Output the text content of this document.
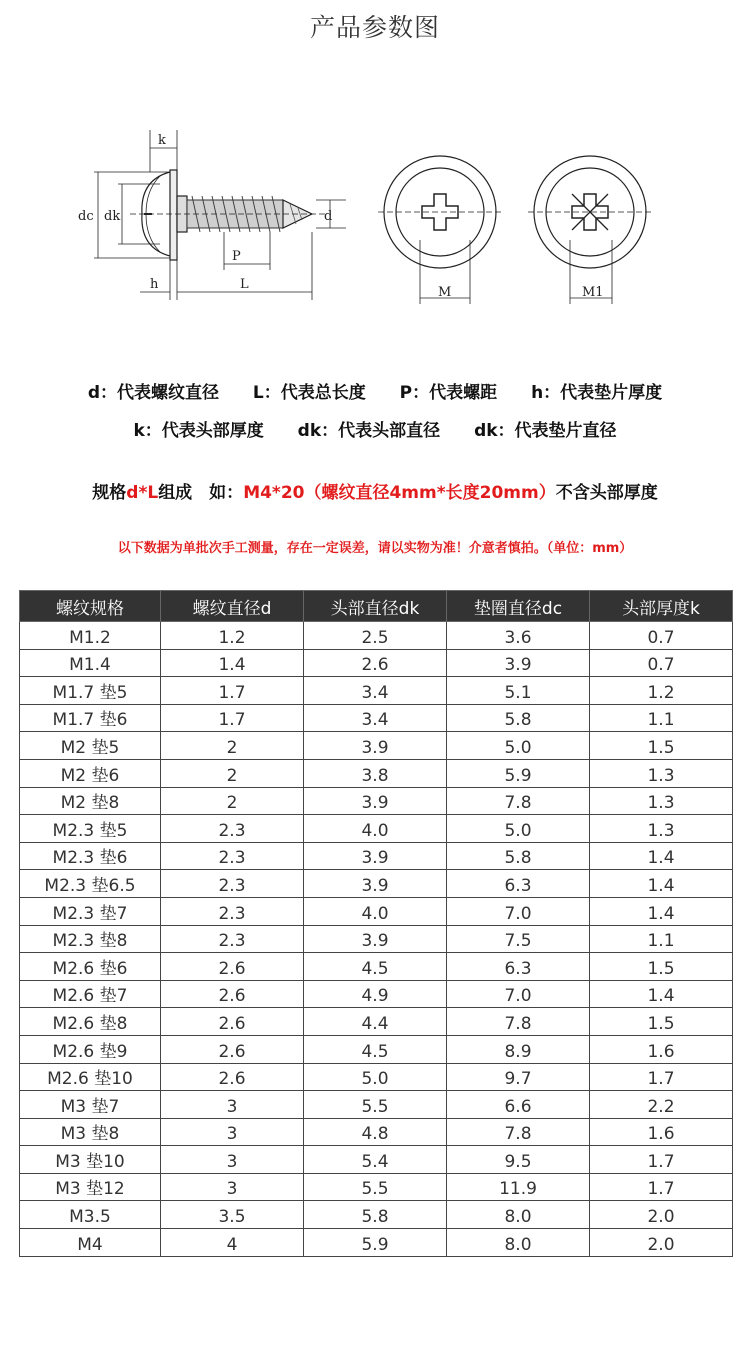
产品参数图
k
dc dk
h	L
P
d
M	M1
d：代表螺纹直径 L：代表总长度 P：代表螺距 h：代表垫片厚度
k：代表头部厚度 dk：代表头部直径 dk：代表垫片直径
规格d*L组成　如：M4*20（螺纹直径4mm*长度20mm）不含头部厚度
以下数据为单批次手工测量，存在一定误差，请以实物为准！介意者慎拍。（单位：mm）
螺纹规格	螺纹直径d	头部直径dk	垫圈直径dc	头部厚度k
M1.2	1.2	2.5	3.6	0.7
M1.4	1.4	2.6	3.9	0.7
M1.7 垫5	1.7	3.4	5.1	1.2
M1.7 垫6	1.7	3.4	5.8	1.1
M2 垫5	2	3.9	5.0	1.5
M2 垫6	2	3.8	5.9	1.3
M2 垫8	2	3.9	7.8	1.3
M2.3 垫5	2.3	4.0	5.0	1.3
M2.3 垫6	2.3	3.9	5.8	1.4
M2.3 垫6.5	2.3	3.9	6.3	1.4
M2.3 垫7	2.3	4.0	7.0	1.4
M2.3 垫8	2.3	3.9	7.5	1.1
M2.6 垫6	2.6	4.5	6.3	1.5
M2.6 垫7	2.6	4.9	7.0	1.4
M2.6 垫8	2.6	4.4	7.8	1.5
M2.6 垫9	2.6	4.5	8.9	1.6
M2.6 垫10	2.6	5.0	9.7	1.7
M3 垫7	3	5.5	6.6	2.2
M3 垫8	3	4.8	7.8	1.6
M3 垫10	3	5.4	9.5	1.7
M3 垫12	3	5.5	11.9	1.7
M3.5	3.5	5.8	8.0	2.0
M4	4	5.9	8.0	2.0
